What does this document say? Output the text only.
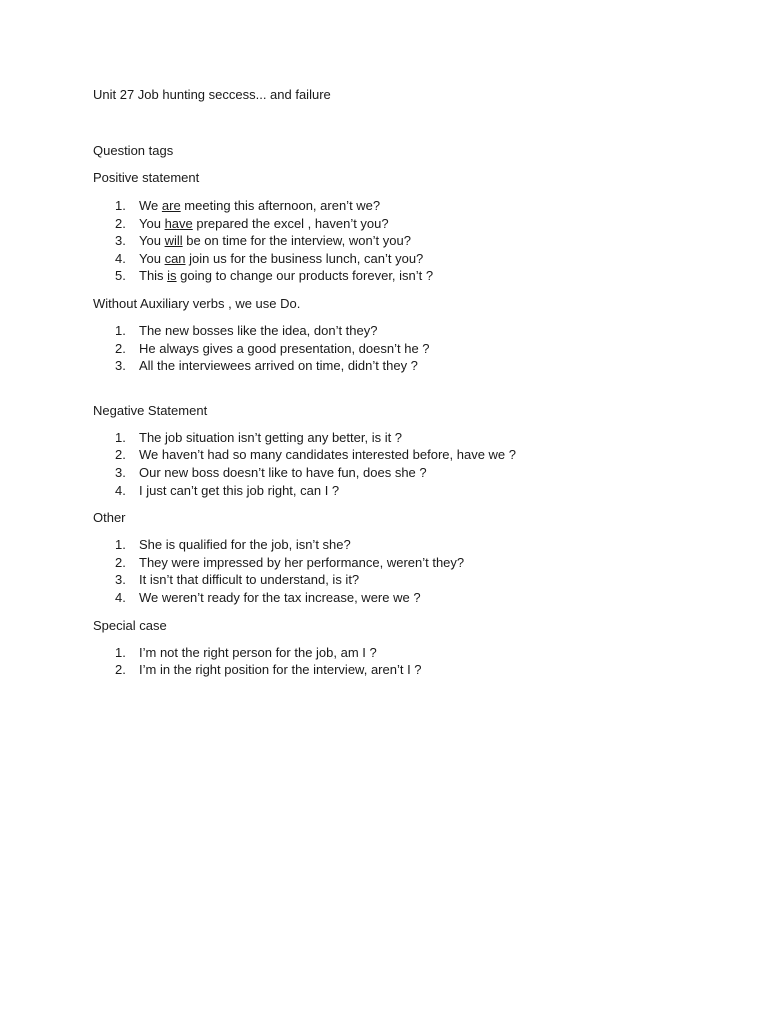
Unit 27 Job hunting seccess... and failure

Question tags

Positive statement

1.	We are meeting this afternoon, aren’t we?
2.	You have prepared the excel , haven’t you?
3.	You will be on time for the interview, won’t you?
4.	You can join us for the business lunch, can’t you?
5.	This is going to change our products forever, isn’t ?

Without Auxiliary verbs , we use Do.

1.	The new bosses like the idea, don’t they?
2.	He always gives a good presentation, doesn’t he ?
3.	All the interviewees arrived on time, didn’t they ?

Negative Statement

1.	The job situation isn’t getting any better, is it ?
2.	We haven’t had so many candidates interested before, have we ?
3.	Our new boss doesn’t like to have fun, does she ?
4.	I just can’t get this job right, can I ?

Other

1.	She is qualified for the job, isn’t she?
2.	They were impressed by her performance, weren’t they?
3.	It isn’t that difficult to understand, is it?
4.	We weren’t ready for the tax increase, were we ?

Special case

1.	I’m not the right person for the job, am I ?
2.	I’m in the right position for the interview, aren’t I ?
